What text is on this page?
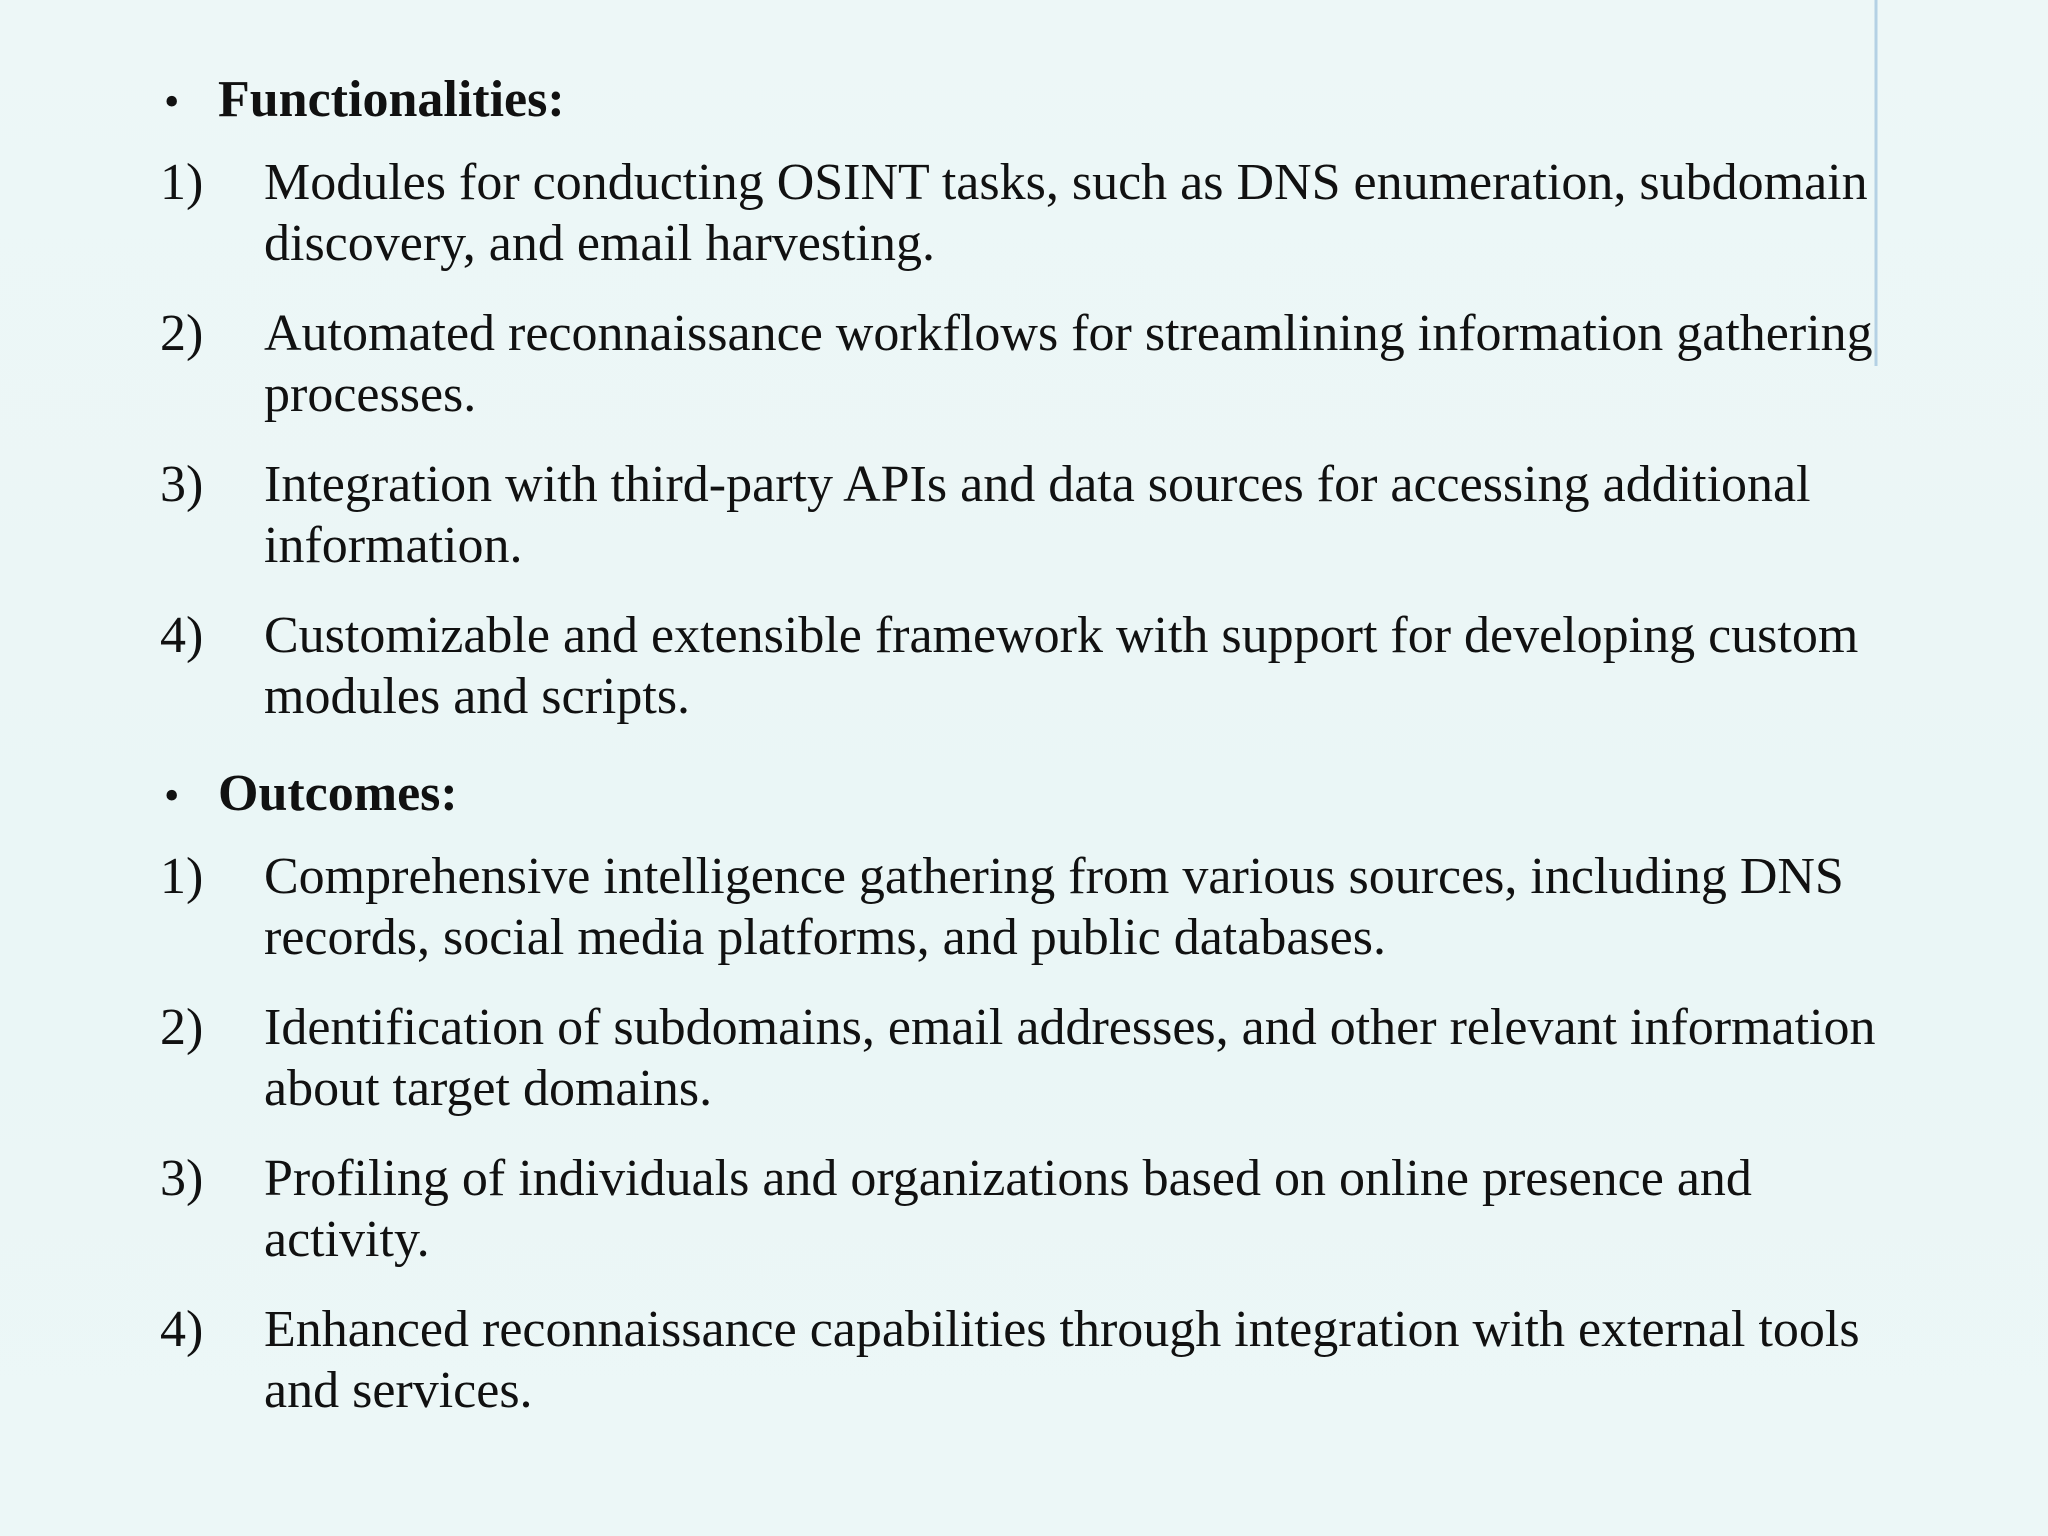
• Functionalities:
1)	Modules for conducting OSINT tasks, such as DNS enumeration, subdomain discovery, and email harvesting.
2)	Automated reconnaissance workflows for streamlining information gathering processes.
3)	Integration with third-party APIs and data sources for accessing additional information.
4)	Customizable and extensible framework with support for developing custom modules and scripts.
• Outcomes:
1)	Comprehensive intelligence gathering from various sources, including DNS records, social media platforms, and public databases.
2)	Identification of subdomains, email addresses, and other relevant information about target domains.
3)	Profiling of individuals and organizations based on online presence and activity.
4)	Enhanced reconnaissance capabilities through integration with external tools and services.
